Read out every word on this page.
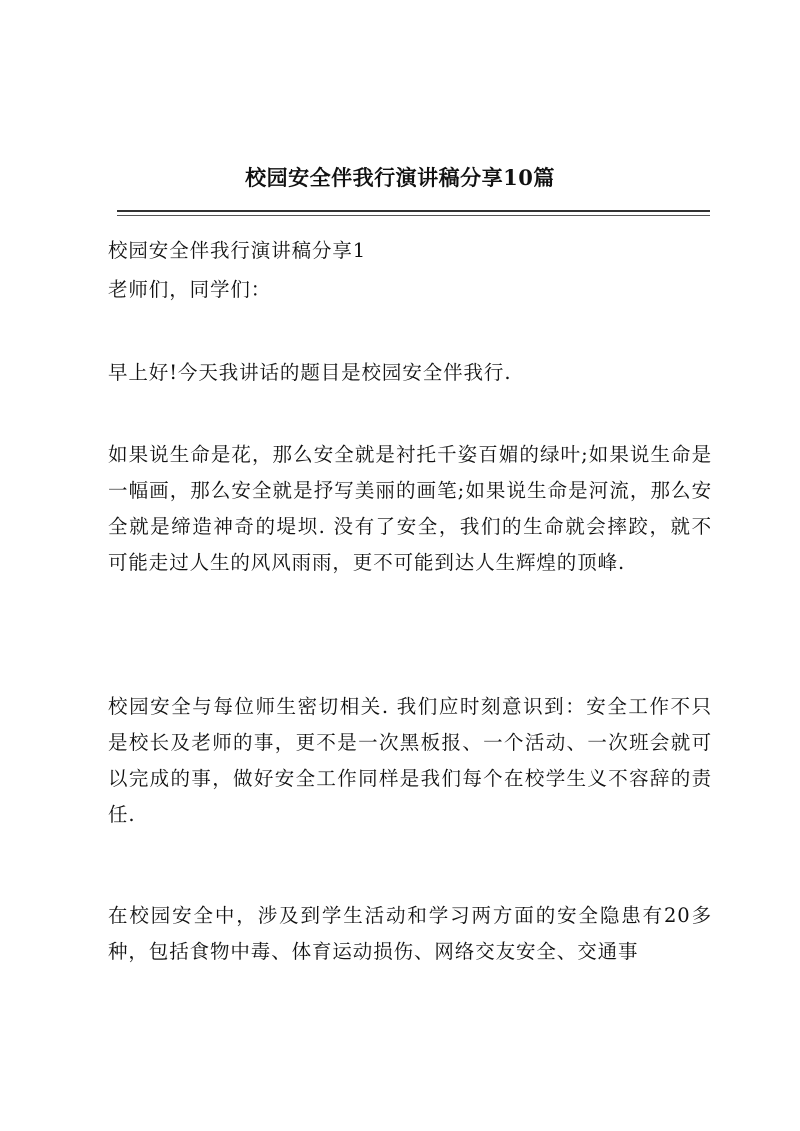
校园安全伴我行演讲稿分享10篇
校园安全伴我行演讲稿分享1
老师们，同学们：
早上好!今天我讲话的题目是校园安全伴我行.
如果说生命是花，那么安全就是衬托千姿百媚的绿叶;如果说生命是一幅画，那么安全就是抒写美丽的画笔;如果说生命是河流，那么安全就是缔造神奇的堤坝. 没有了安全，我们的生命就会摔跤，就不可能走过人生的风风雨雨，更不可能到达人生辉煌的顶峰.
校园安全与每位师生密切相关. 我们应时刻意识到：安全工作不只是校长及老师的事，更不是一次黑板报、一个活动、一次班会就可以完成的事，做好安全工作同样是我们每个在校学生义不容辞的责任.
在校园安全中，涉及到学生活动和学习两方面的安全隐患有20多种，包括食物中毒、体育运动损伤、网络交友安全、交通事
